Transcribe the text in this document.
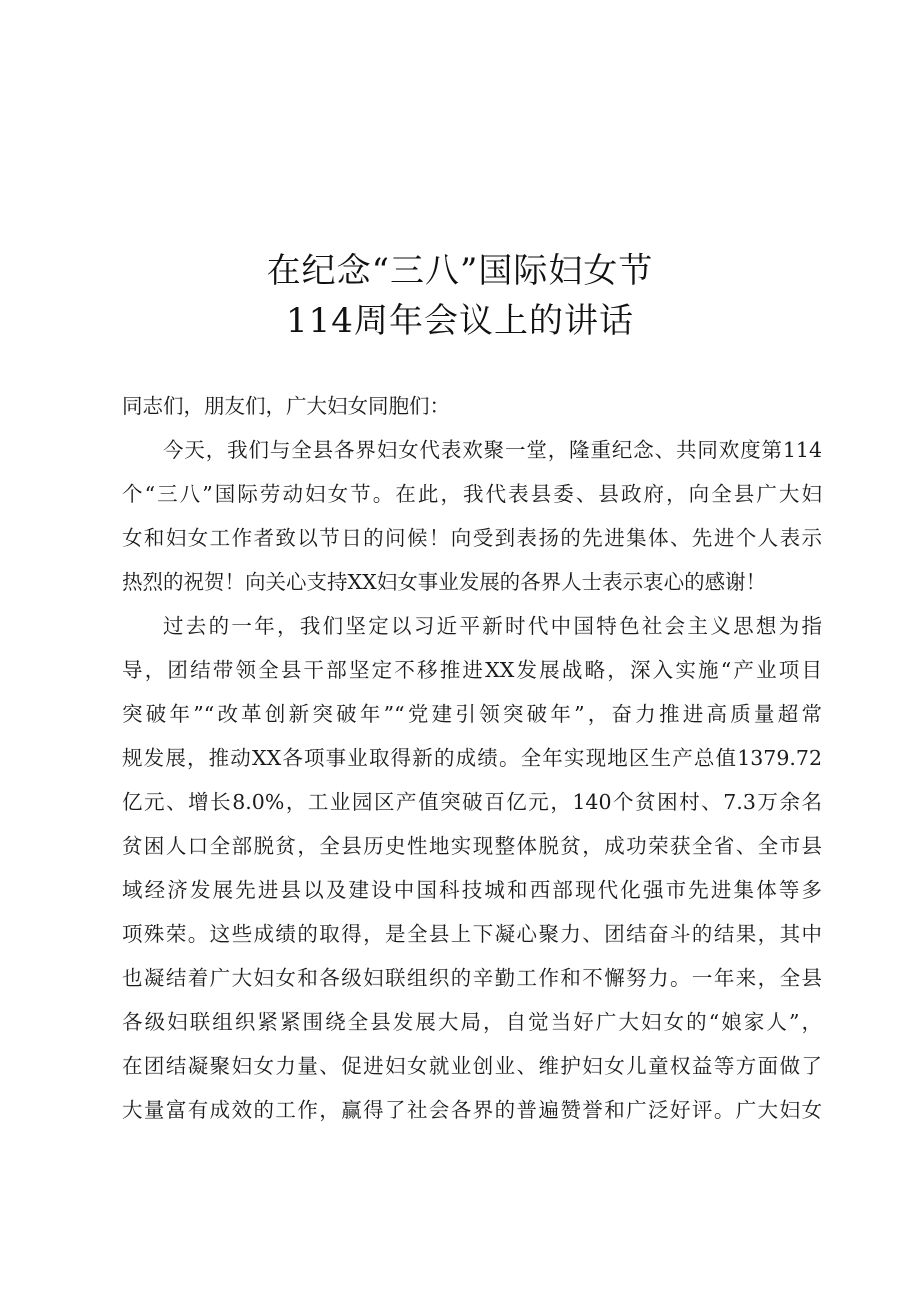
在纪念“三八”国际妇女节
114周年会议上的讲话
同志们，朋友们，广大妇女同胞们：
今天，我们与全县各界妇女代表欢聚一堂，隆重纪念、共同欢度第114
个“三八”国际劳动妇女节。在此，我代表县委、县政府，向全县广大妇
女和妇女工作者致以节日的问候！向受到表扬的先进集体、先进个人表示
热烈的祝贺！向关心支持XX妇女事业发展的各界人士表示衷心的感谢！
过去的一年，我们坚定以习近平新时代中国特色社会主义思想为指
导，团结带领全县干部坚定不移推进XX发展战略，深入实施“产业项目
突破年”“改革创新突破年”“党建引领突破年”，奋力推进高质量超常
规发展，推动XX各项事业取得新的成绩。全年实现地区生产总值1379.72
亿元、增长8.0%，工业园区产值突破百亿元，140个贫困村、7.3万余名
贫困人口全部脱贫，全县历史性地实现整体脱贫，成功荣获全省、全市县
域经济发展先进县以及建设中国科技城和西部现代化强市先进集体等多
项殊荣。这些成绩的取得，是全县上下凝心聚力、团结奋斗的结果，其中
也凝结着广大妇女和各级妇联组织的辛勤工作和不懈努力。一年来，全县
各级妇联组织紧紧围绕全县发展大局，自觉当好广大妇女的“娘家人”，
在团结凝聚妇女力量、促进妇女就业创业、维护妇女儿童权益等方面做了
大量富有成效的工作，赢得了社会各界的普遍赞誉和广泛好评。广大妇女
